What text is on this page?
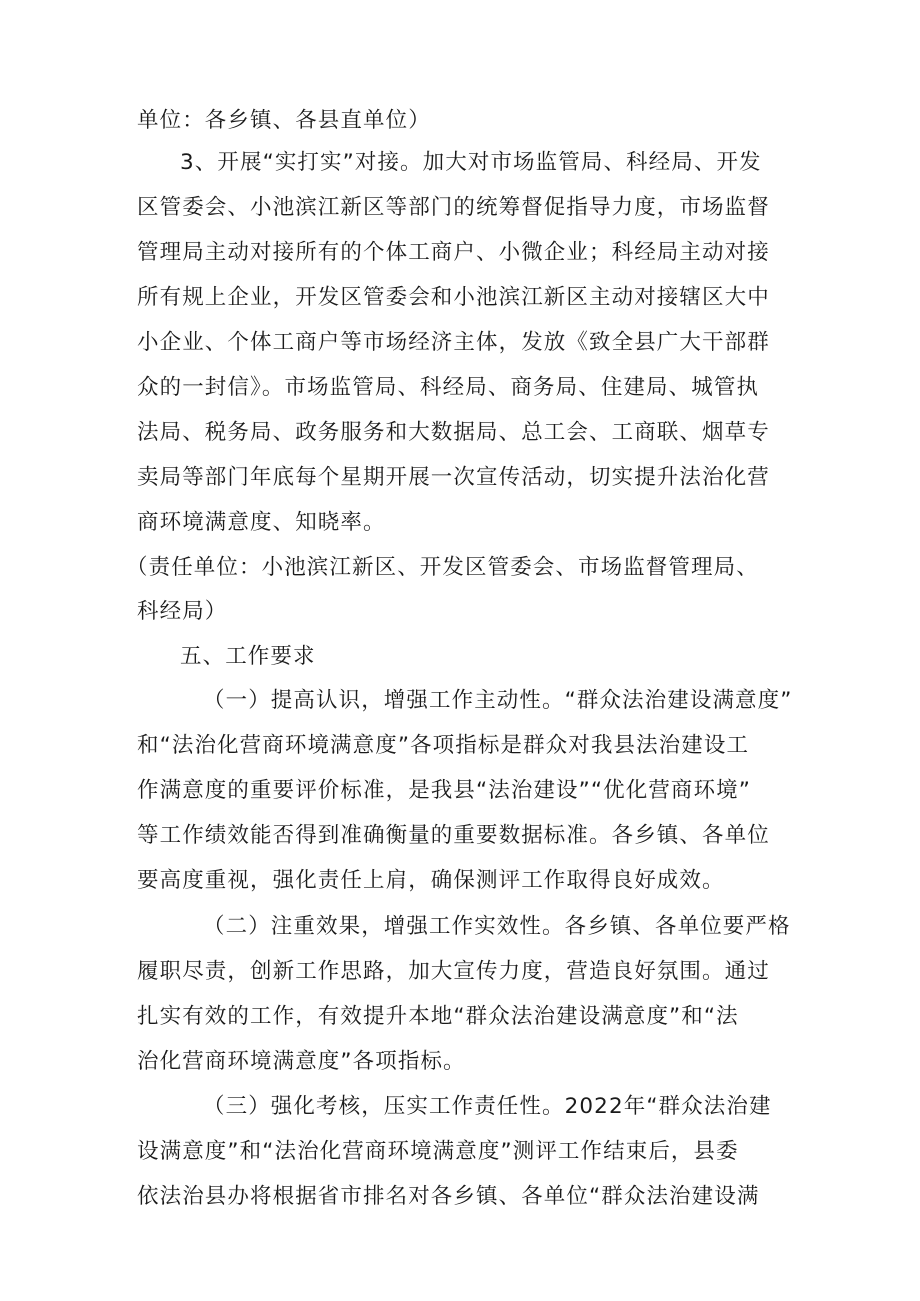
单位：各乡镇、各县直单位）
3、开展“实打实”对接。加大对市场监管局、科经局、开发
区管委会、小池滨江新区等部门的统筹督促指导力度，市场监督
管理局主动对接所有的个体工商户、小微企业；科经局主动对接
所有规上企业，开发区管委会和小池滨江新区主动对接辖区大中
小企业、个体工商户等市场经济主体，发放《致全县广大干部群
众的一封信》。市场监管局、科经局、商务局、住建局、城管执
法局、税务局、政务服务和大数据局、总工会、工商联、烟草专
卖局等部门年底每个星期开展一次宣传活动，切实提升法治化营
商环境满意度、知晓率。
（责任单位：小池滨江新区、开发区管委会、市场监督管理局、
科经局）
五、工作要求
（一）提高认识，增强工作主动性。“群众法治建设满意度”
和“法治化营商环境满意度”各项指标是群众对我县法治建设工
作满意度的重要评价标准，是我县“法治建设”“优化营商环境”
等工作绩效能否得到准确衡量的重要数据标准。各乡镇、各单位
要高度重视，强化责任上肩，确保测评工作取得良好成效。
（二）注重效果，增强工作实效性。各乡镇、各单位要严格
履职尽责，创新工作思路，加大宣传力度，营造良好氛围。通过
扎实有效的工作，有效提升本地“群众法治建设满意度”和“法
治化营商环境满意度”各项指标。
（三）强化考核，压实工作责任性。2022年“群众法治建
设满意度”和“法治化营商环境满意度”测评工作结束后，县委
依法治县办将根据省市排名对各乡镇、各单位“群众法治建设满
